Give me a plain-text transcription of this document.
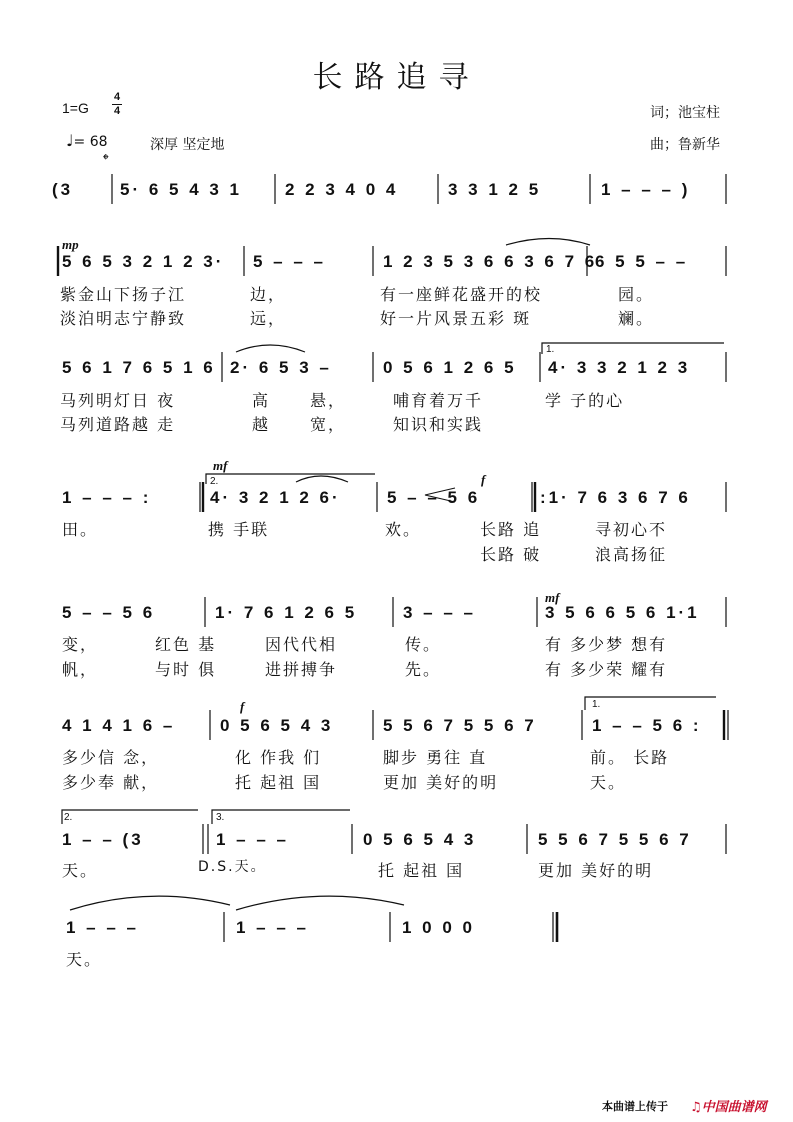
长路追寻
1=G
4
4
♩= 68	深厚 坚定地
词；池宝柱
曲；鲁新华
𝄌
(3	5· 6 5 4 3 1	2 2 3 4 0 4	3 3 1 2 5	1 – – – )
mp
5 6 5 3 2 1 2 3· 5 – – –	1 2 3 5 3 6 6 3 6 7 6
6 5 5 – –
紫金山下扬子江	边，	有一座鲜花盛开的校	园。
淡泊明志宁静致	远，	好一片风景五彩 斑	斓。
5 6 1 7 6 5 1 6 2· 6 5 3 –	0 5 6 1 2 6 5
1.
4· 3 3 2 1 2 3
马列明灯日 夜	高 悬，	哺育着万千	学 子的心
马列道路越 走	越 宽，	知识和实践
mf
f
2.
1 – – – :	4· 3 2 1 2 6·	5 – – 5 6	:1· 7 6 3 6 7 6
田。	携 手联	欢。	长路 追	寻初心不
长路 破	浪高扬征
mf
5 – – 5 6	1· 7 6 1 2 6 5	3 – – –	3 5 6 6 5 6 1·1
变，	红色 基	因代代相	传。	有 多少梦 想有
帆，	与时 俱	进拼搏争	先。	有 多少荣 耀有
f	1.
4 1 4 1 6 –	0 5 6 5 4 3	5 5 6 7 5 5 6 7	1 – – 5 6 :
多少信 念，	化 作我 们	脚步 勇往 直	前。 长路
多少奉 献，	托 起祖 国	更加 美好的明	天。
2.	3.
1 – – (3	1 – – –	0 5 6 5 4 3	5 5 6 7 5 5 6 7
天。	D.S.天。	托 起祖 国	更加 美好的明
1 – – –	1 – – –	1 0 0 0
天。
本曲谱上传于 ♫中国曲谱网
